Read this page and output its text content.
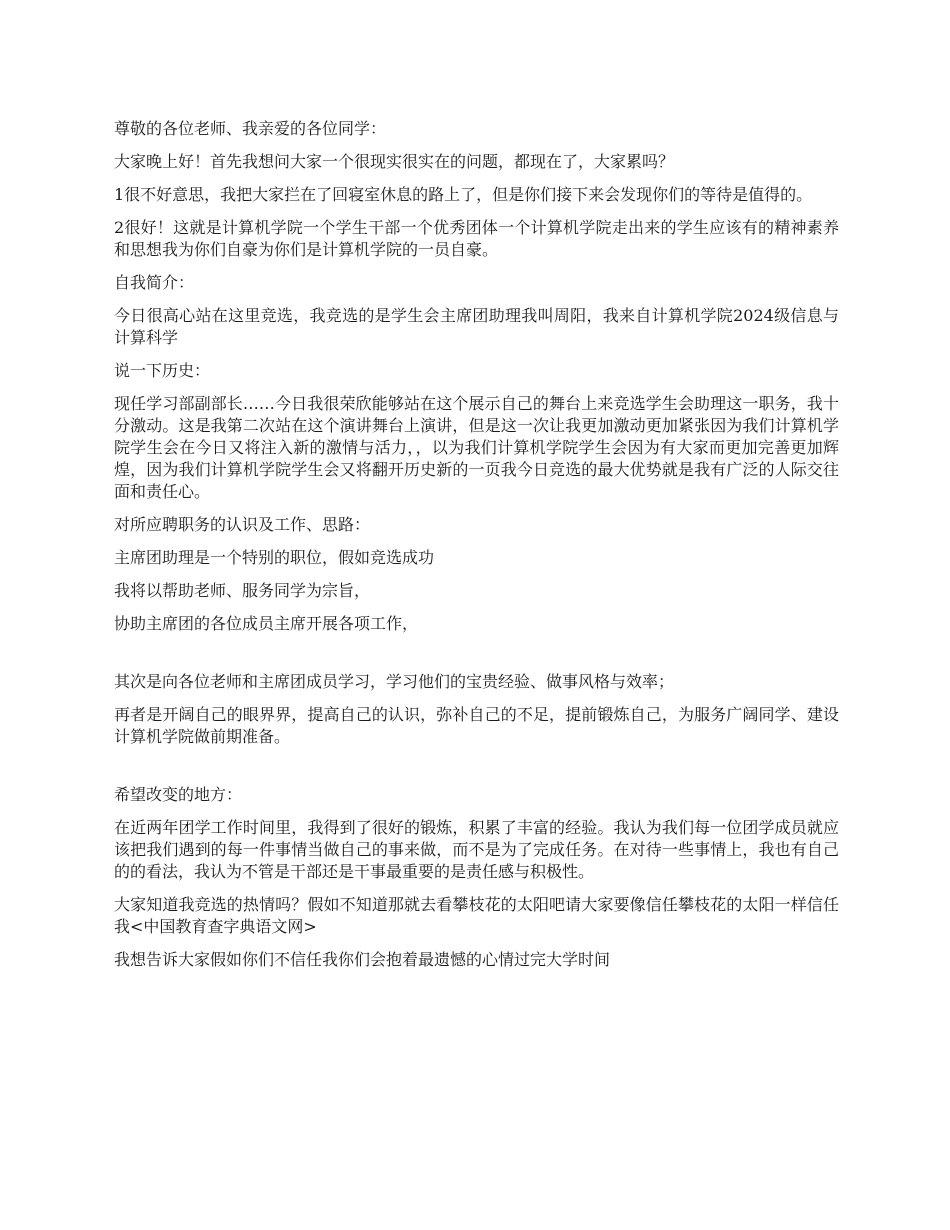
尊敬的各位老师、我亲爱的各位同学：

大家晚上好！首先我想问大家一个很现实很实在的问题，都现在了，大家累吗？

1很不好意思，我把大家拦在了回寝室休息的路上了，但是你们接下来会发现你们的等待是值得的。

2很好！这就是计算机学院一个学生干部一个优秀团体一个计算机学院走出来的学生应该有的精神素养和思想我为你们自豪为你们是计算机学院的一员自豪。

自我简介：

今日很高心站在这里竞选，我竞选的是学生会主席团助理我叫周阳，我来自计算机学院2024级信息与计算科学

说一下历史：

现任学习部副部长……今日我很荣欣能够站在这个展示自己的舞台上来竞选学生会助理这一职务，我十分激动。这是我第二次站在这个演讲舞台上演讲，但是这一次让我更加激动更加紧张因为我们计算机学院学生会在今日又将注入新的激情与活力，，以为我们计算机学院学生会因为有大家而更加完善更加辉煌，因为我们计算机学院学生会又将翻开历史新的一页我今日竞选的最大优势就是我有广泛的人际交往面和责任心。

对所应聘职务的认识及工作、思路：

主席团助理是一个特别的职位，假如竞选成功

我将以帮助老师、服务同学为宗旨，

协助主席团的各位成员主席开展各项工作，

其次是向各位老师和主席团成员学习，学习他们的宝贵经验、做事风格与效率；

再者是开阔自己的眼界界，提高自己的认识，弥补自己的不足，提前锻炼自己，为服务广阔同学、建设计算机学院做前期准备。

希望改变的地方：

在近两年团学工作时间里，我得到了很好的锻炼，积累了丰富的经验。我认为我们每一位团学成员就应该把我们遇到的每一件事情当做自己的事来做，而不是为了完成任务。在对待一些事情上，我也有自己的的看法，我认为不管是干部还是干事最重要的是责任感与积极性。

大家知道我竞选的热情吗？假如不知道那就去看攀枝花的太阳吧请大家要像信任攀枝花的太阳一样信任我<中国教育查字典语文网>

我想告诉大家假如你们不信任我你们会抱着最遗憾的心情过完大学时间
